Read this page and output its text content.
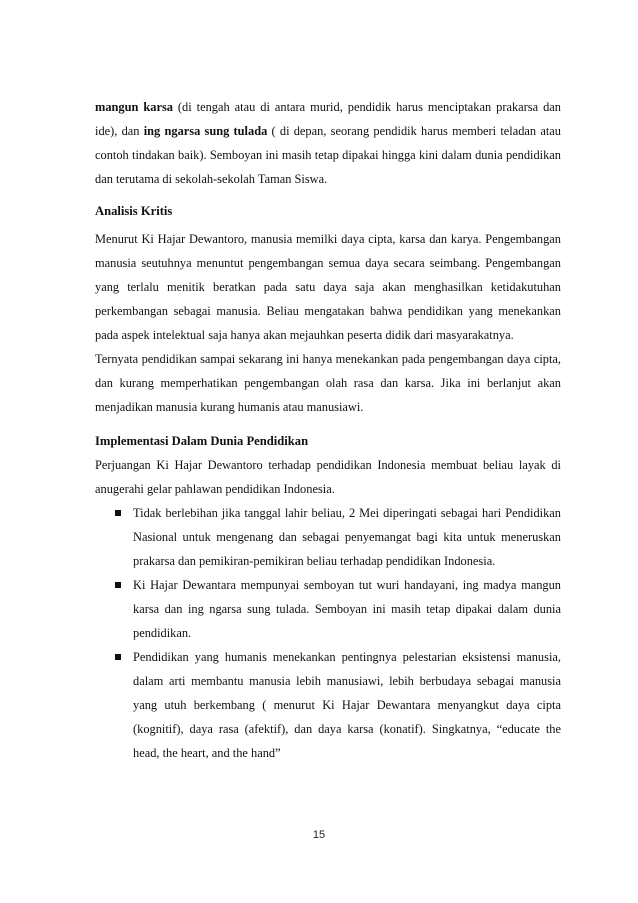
mangun karsa (di tengah atau di antara murid, pendidik harus menciptakan prakarsa dan ide), dan ing ngarsa sung tulada ( di depan, seorang pendidik harus memberi teladan atau contoh tindakan baik). Semboyan ini masih tetap dipakai hingga kini dalam dunia pendidikan dan terutama di sekolah-sekolah Taman Siswa.

Analisis Kritis

Menurut Ki Hajar Dewantoro, manusia memilki daya cipta, karsa dan karya. Pengembangan manusia seutuhnya menuntut pengembangan semua daya secara seimbang. Pengembangan yang terlalu menitik beratkan pada satu daya saja akan menghasilkan ketidakutuhan perkembangan sebagai manusia. Beliau mengatakan bahwa pendidikan yang menekankan pada aspek intelektual saja hanya akan mejauhkan peserta didik dari masyarakatnya.

Ternyata pendidikan sampai sekarang ini hanya menekankan pada pengembangan daya cipta, dan kurang memperhatikan pengembangan olah rasa dan karsa. Jika ini berlanjut akan menjadikan manusia kurang humanis atau manusiawi.

Implementasi Dalam Dunia Pendidikan

Perjuangan Ki Hajar Dewantoro terhadap pendidikan Indonesia membuat beliau layak di anugerahi gelar pahlawan pendidikan Indonesia.

Tidak berlebihan jika tanggal lahir beliau, 2 Mei diperingati sebagai hari Pendidikan Nasional untuk mengenang dan sebagai penyemangat bagi kita untuk meneruskan prakarsa dan pemikiran-pemikiran beliau terhadap pendidikan Indonesia.
Ki Hajar Dewantara mempunyai semboyan tut wuri handayani, ing madya mangun karsa dan ing ngarsa sung tulada. Semboyan ini masih tetap dipakai dalam dunia pendidikan.
Pendidikan yang humanis menekankan pentingnya pelestarian eksistensi manusia, dalam arti membantu manusia lebih manusiawi, lebih berbudaya sebagai manusia yang utuh berkembang ( menurut Ki Hajar Dewantara menyangkut daya cipta (kognitif), daya rasa (afektif), dan daya karsa (konatif). Singkatnya, “educate the head, the heart, and the hand”
15
